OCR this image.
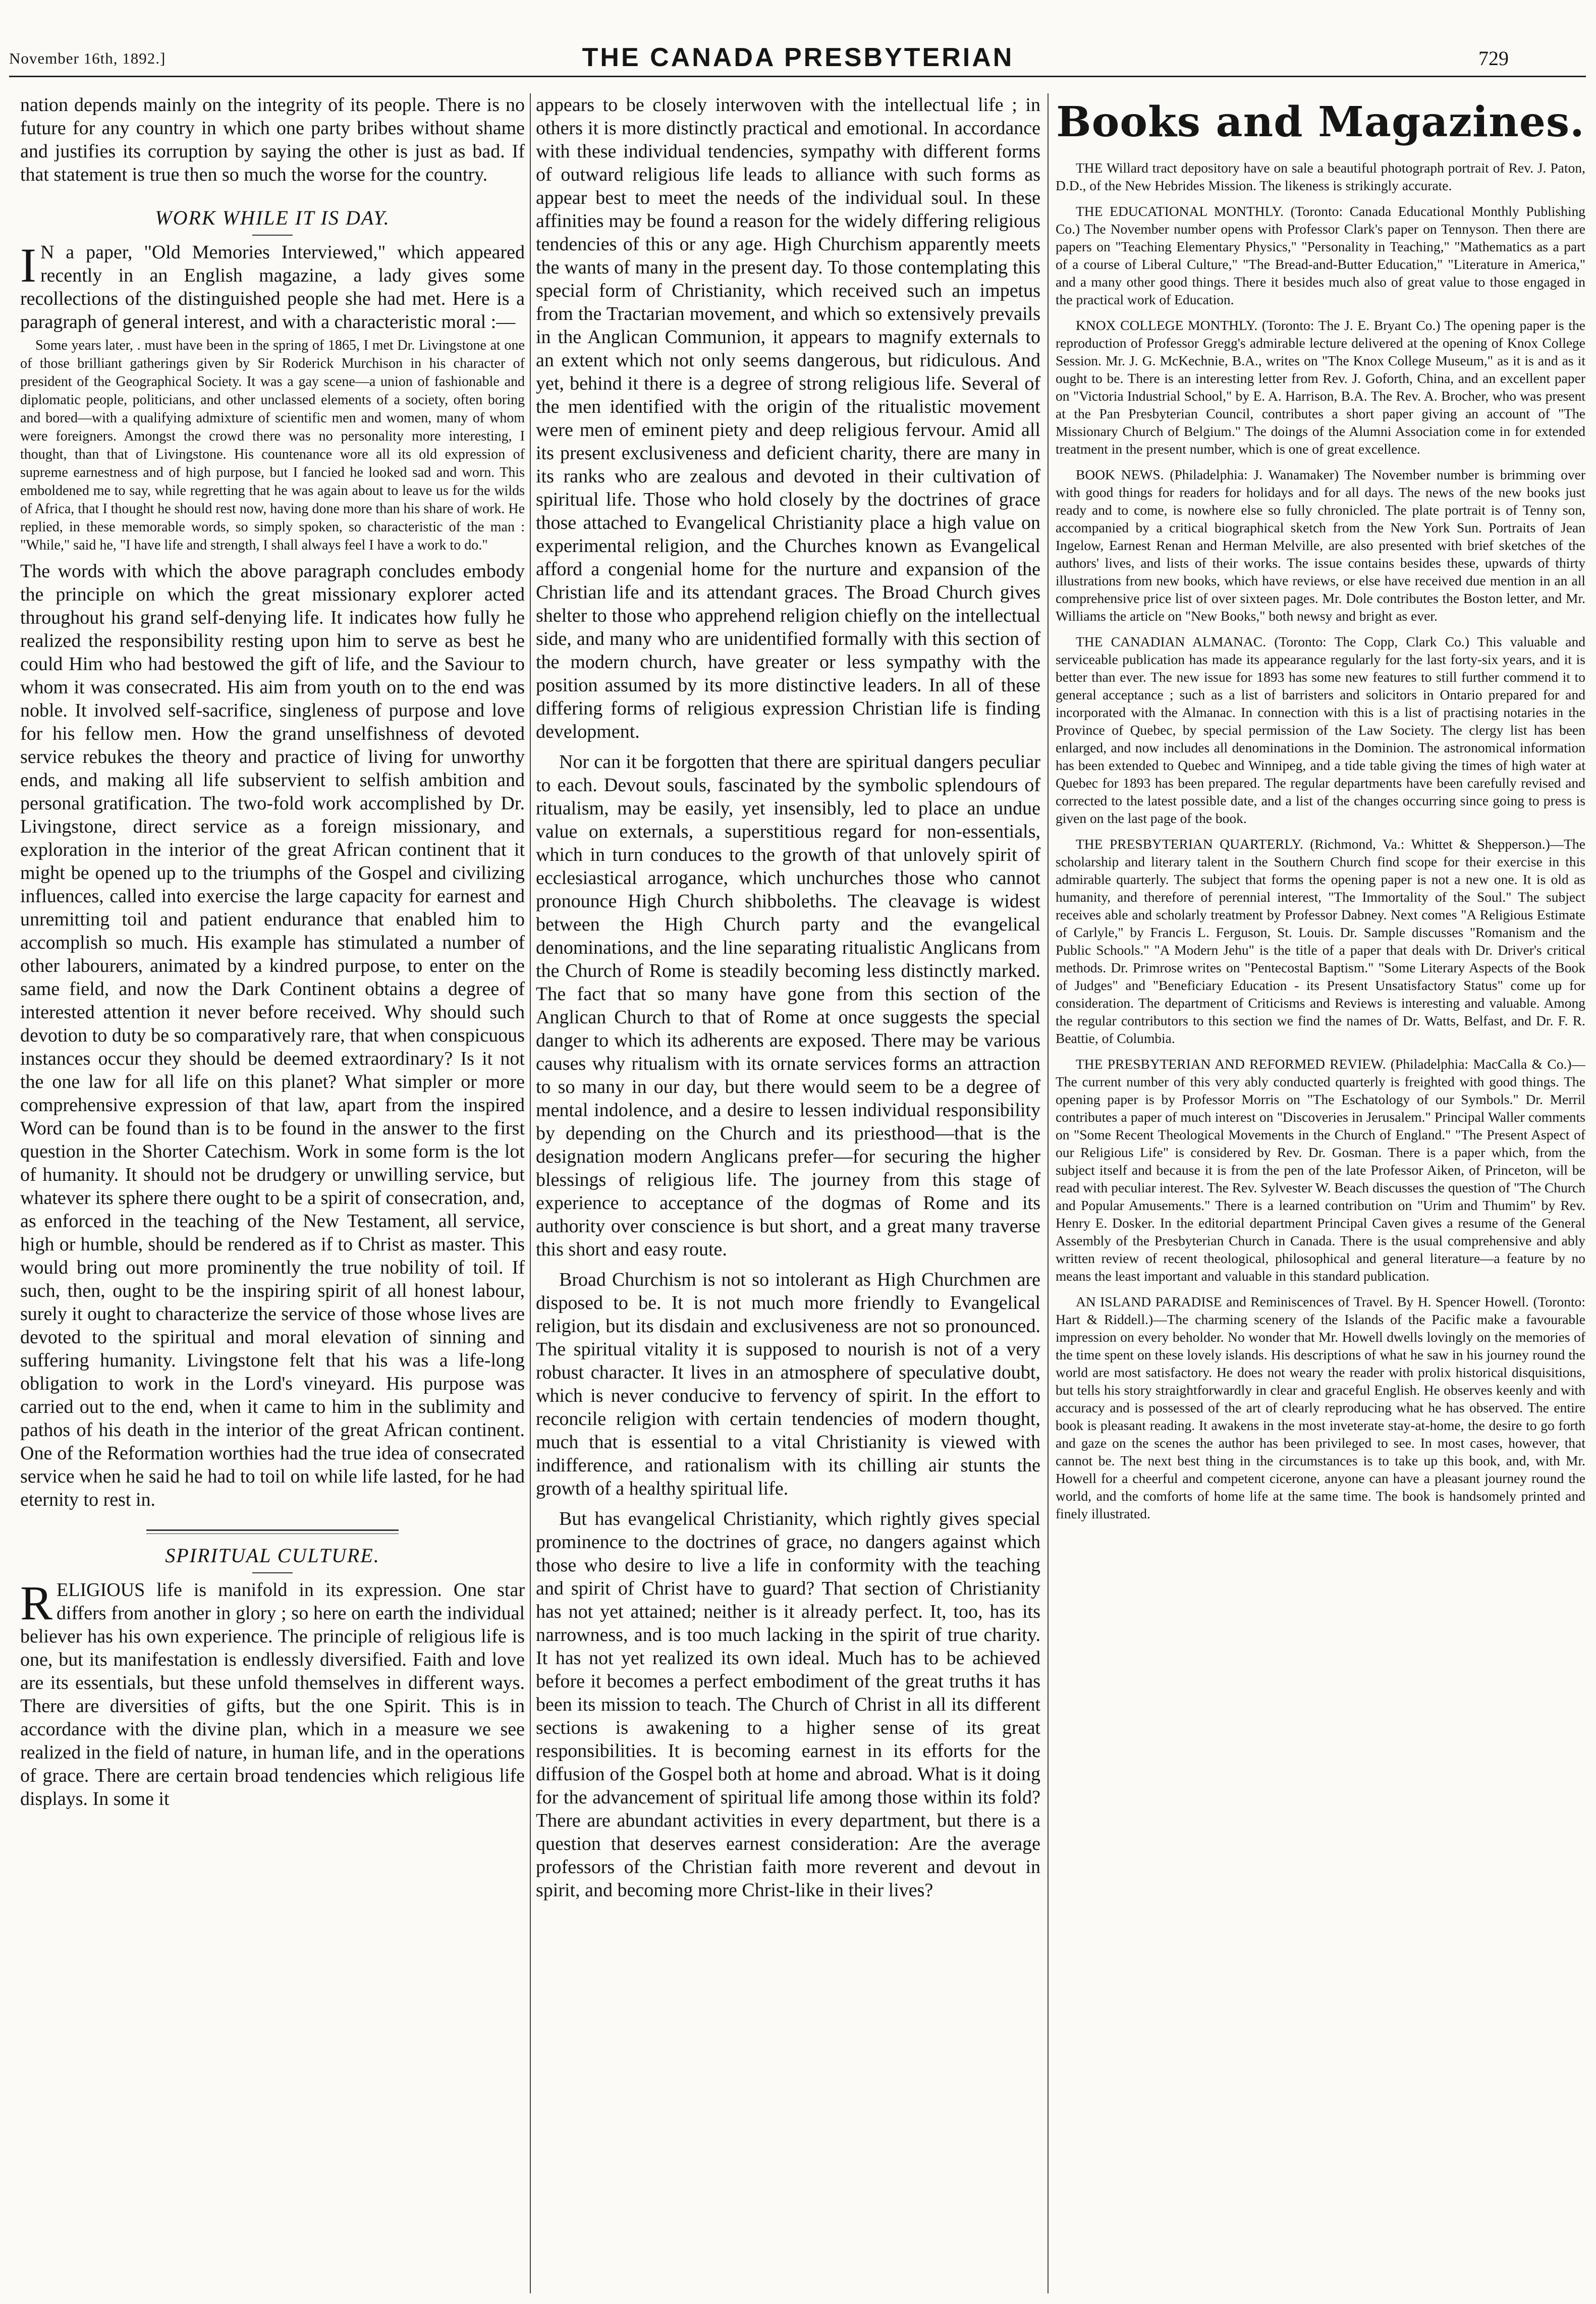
November 16th, 1892.]	THE CANADA PRESBYTERIAN	729

nation depends mainly on the integrity of its people. There is no future for any country in which one party bribes without shame and justifies its corruption by saying the other is just as bad. If that statement is true then so much the worse for the country.

WORK WHILE IT IS DAY.

I N a paper, "Old Memories Interviewed," which appeared recently in an English magazine, a lady gives some recollections of the distinguished people she had met. Here is a paragraph of general interest, and with a characteristic moral :—

Some years later, . must have been in the spring of 1865, I met Dr. Livingstone at one of those brilliant gatherings given by Sir Roderick Murchison in his character of president of the Geographical Society. It was a gay scene—a union of fashionable and diplomatic people, politicians, and other unclassed elements of a society, often boring and bored—with a qualifying admixture of scientific men and women, many of whom were foreigners. Amongst the crowd there was no personality more interesting, I thought, than that of Livingstone. His countenance wore all its old expression of supreme earnestness and of high purpose, but I fancied he looked sad and worn. This emboldened me to say, while regretting that he was again about to leave us for the wilds of Africa, that I thought he should rest now, having done more than his share of work. He replied, in these memorable words, so simply spoken, so characteristic of the man : "While," said he, "I have life and strength, I shall always feel I have a work to do."

The words with which the above paragraph concludes embody the principle on which the great missionary explorer acted throughout his grand self-denying life. It indicates how fully he realized the responsibility resting upon him to serve as best he could Him who had bestowed the gift of life, and the Saviour to whom it was consecrated. His aim from youth on to the end was noble. It involved self-sacrifice, singleness of purpose and love for his fellow men. How the grand unselfishness of devoted service rebukes the theory and practice of living for unworthy ends, and making all life subservient to selfish ambition and personal gratification. The two-fold work accomplished by Dr. Livingstone, direct service as a foreign missionary, and exploration in the interior of the great African continent that it might be opened up to the triumphs of the Gospel and civilizing influences, called into exercise the large capacity for earnest and unremitting toil and patient endurance that enabled him to accomplish so much. His example has stimulated a number of other labourers, animated by a kindred purpose, to enter on the same field, and now the Dark Continent obtains a degree of interested attention it never before received. Why should such devotion to duty be so comparatively rare, that when conspicuous instances occur they should be deemed extraordinary? Is it not the one law for all life on this planet? What simpler or more comprehensive expression of that law, apart from the inspired Word can be found than is to be found in the answer to the first question in the Shorter Catechism. Work in some form is the lot of humanity. It should not be drudgery or unwilling service, but whatever its sphere there ought to be a spirit of consecration, and, as enforced in the teaching of the New Testament, all service, high or humble, should be rendered as if to Christ as master. This would bring out more prominently the true nobility of toil. If such, then, ought to be the inspiring spirit of all honest labour, surely it ought to characterize the service of those whose lives are devoted to the spiritual and moral elevation of sinning and suffering humanity. Livingstone felt that his was a life-long obligation to work in the Lord's vineyard. His purpose was carried out to the end, when it came to him in the sublimity and pathos of his death in the interior of the great African continent. One of the Reformation worthies had the true idea of consecrated service when he said he had to toil on while life lasted, for he had eternity to rest in.

SPIRITUAL CULTURE.

RELIGIOUS life is manifold in its expression. One star differs from another in glory ; so here on earth the individual believer has his own experience. The principle of religious life is one, but its manifestation is endlessly diversified. Faith and love are its essentials, but these unfold themselves in different ways. There are diversities of gifts, but the one Spirit. This is in accordance with the divine plan, which in a measure we see realized in the field of nature, in human life, and in the operations of grace. There are certain broad tendencies which religious life displays. In some it

appears to be closely interwoven with the intellectual life ; in others it is more distinctly practical and emotional. In accordance with these individual tendencies, sympathy with different forms of outward religious life leads to alliance with such forms as appear best to meet the needs of the individual soul. In these affinities may be found a reason for the widely differing religious tendencies of this or any age. High Churchism apparently meets the wants of many in the present day. To those contemplating this special form of Christianity, which received such an impetus from the Tractarian movement, and which so extensively prevails in the Anglican Communion, it appears to magnify externals to an extent which not only seems dangerous, but ridiculous. And yet, behind it there is a degree of strong religious life. Several of the men identified with the origin of the ritualistic movement were men of eminent piety and deep religious fervour. Amid all its present exclusiveness and deficient charity, there are many in its ranks who are zealous and devoted in their cultivation of spiritual life. Those who hold closely by the doctrines of grace those attached to Evangelical Christianity place a high value on experimental religion, and the Churches known as Evangelical afford a congenial home for the nurture and expansion of the Christian life and its attendant graces. The Broad Church gives shelter to those who apprehend religion chiefly on the intellectual side, and many who are unidentified formally with this section of the modern church, have greater or less sympathy with the position assumed by its more distinctive leaders. In all of these differing forms of religious expression Christian life is finding development.

Nor can it be forgotten that there are spiritual dangers peculiar to each. Devout souls, fascinated by the symbolic splendours of ritualism, may be easily, yet insensibly, led to place an undue value on externals, a superstitious regard for non-essentials, which in turn conduces to the growth of that unlovely spirit of ecclesiastical arrogance, which unchurches those who cannot pronounce High Church shibboleths. The cleavage is widest between the High Church party and the evangelical denominations, and the line separating ritualistic Anglicans from the Church of Rome is steadily becoming less distinctly marked. The fact that so many have gone from this section of the Anglican Church to that of Rome at once suggests the special danger to which its adherents are exposed. There may be various causes why ritualism with its ornate services forms an attraction to so many in our day, but there would seem to be a degree of mental indolence, and a desire to lessen individual responsibility by depending on the Church and its priesthood—that is the designation modern Anglicans prefer—for securing the higher blessings of religious life. The journey from this stage of experience to acceptance of the dogmas of Rome and its authority over conscience is but short, and a great many traverse this short and easy route.

Broad Churchism is not so intolerant as High Churchmen are disposed to be. It is not much more friendly to Evangelical religion, but its disdain and exclusiveness are not so pronounced. The spiritual vitality it is supposed to nourish is not of a very robust character. It lives in an atmosphere of speculative doubt, which is never conducive to fervency of spirit. In the effort to reconcile religion with certain tendencies of modern thought, much that is essential to a vital Christianity is viewed with indifference, and rationalism with its chilling air stunts the growth of a healthy spiritual life.

But has evangelical Christianity, which rightly gives special prominence to the doctrines of grace, no dangers against which those who desire to live a life in conformity with the teaching and spirit of Christ have to guard? That section of Christianity has not yet attained; neither is it already perfect. It, too, has its narrowness, and is too much lacking in the spirit of true charity. It has not yet realized its own ideal. Much has to be achieved before it becomes a perfect embodiment of the great truths it has been its mission to teach. The Church of Christ in all its different sections is awakening to a higher sense of its great responsibilities. It is becoming earnest in its efforts for the diffusion of the Gospel both at home and abroad. What is it doing for the advancement of spiritual life among those within its fold? There are abundant activities in every department, but there is a question that deserves earnest consideration: Are the average professors of the Christian faith more reverent and devout in spirit, and becoming more Christ-like in their lives?

Books and Magazines.

THE Willard tract depository have on sale a beautiful photograph portrait of Rev. J. Paton, D.D., of the New Hebrides Mission. The likeness is strikingly accurate.

THE EDUCATIONAL MONTHLY. (Toronto: Canada Educational Monthly Publishing Co.) The November number opens with Professor Clark's paper on Tennyson. Then there are papers on "Teaching Elementary Physics," "Personality in Teaching," "Mathematics as a part of a course of Liberal Culture," "The Bread-and-Butter Education," "Literature in America," and a many other good things. There it besides much also of great value to those engaged in the practical work of Education.

KNOX COLLEGE MONTHLY. (Toronto: The J. E. Bryant Co.) The opening paper is the reproduction of Professor Gregg's admirable lecture delivered at the opening of Knox College Session. Mr. J. G. McKechnie, B.A., writes on "The Knox College Museum," as it is and as it ought to be. There is an interesting letter from Rev. J. Goforth, China, and an excellent paper on "Victoria Industrial School," by E. A. Harrison, B.A. The Rev. A. Brocher, who was present at the Pan Presbyterian Council, contributes a short paper giving an account of "The Missionary Church of Belgium." The doings of the Alumni Association come in for extended treatment in the present number, which is one of great excellence.

BOOK NEWS. (Philadelphia: J. Wanamaker) The November number is brimming over with good things for readers for holidays and for all days. The news of the new books just ready and to come, is nowhere else so fully chronicled. The plate portrait is of Tenny son, accompanied by a critical biographical sketch from the New York Sun. Portraits of Jean Ingelow, Earnest Renan and Herman Melville, are also presented with brief sketches of the authors' lives, and lists of their works. The issue contains besides these, upwards of thirty illustrations from new books, which have reviews, or else have received due mention in an all comprehensive price list of over sixteen pages. Mr. Dole contributes the Boston letter, and Mr. Williams the article on "New Books," both newsy and bright as ever.

THE CANADIAN ALMANAC. (Toronto: The Copp, Clark Co.) This valuable and serviceable publication has made its appearance regularly for the last forty-six years, and it is better than ever. The new issue for 1893 has some new features to still further commend it to general acceptance ; such as a list of barristers and solicitors in Ontario prepared for and incorporated with the Almanac. In connection with this is a list of practising notaries in the Province of Quebec, by special permission of the Law Society. The clergy list has been enlarged, and now includes all denominations in the Dominion. The astronomical information has been extended to Quebec and Winnipeg, and a tide table giving the times of high water at Quebec for 1893 has been prepared. The regular departments have been carefully revised and corrected to the latest possible date, and a list of the changes occurring since going to press is given on the last page of the book.

THE PRESBYTERIAN QUARTERLY. (Richmond, Va.: Whittet & Shepperson.)—The scholarship and literary talent in the Southern Church find scope for their exercise in this admirable quarterly. The subject that forms the opening paper is not a new one. It is old as humanity, and therefore of perennial interest, "The Immortality of the Soul." The subject receives able and scholarly treatment by Professor Dabney. Next comes "A Religious Estimate of Carlyle," by Francis L. Ferguson, St. Louis. Dr. Sample discusses "Romanism and the Public Schools." "A Modern Jehu" is the title of a paper that deals with Dr. Driver's critical methods. Dr. Primrose writes on "Pentecostal Baptism." "Some Literary Aspects of the Book of Judges" and "Beneficiary Education - its Present Unsatisfactory Status" come up for consideration. The department of Criticisms and Reviews is interesting and valuable. Among the regular contributors to this section we find the names of Dr. Watts, Belfast, and Dr. F. R. Beattie, of Columbia.

THE PRESBYTERIAN AND REFORMED REVIEW. (Philadelphia: MacCalla & Co.)—The current number of this very ably conducted quarterly is freighted with good things. The opening paper is by Professor Morris on "The Eschatology of our Symbols." Dr. Merril contributes a paper of much interest on "Discoveries in Jerusalem." Principal Waller comments on "Some Recent Theological Movements in the Church of England." "The Present Aspect of our Religious Life" is considered by Rev. Dr. Gosman. There is a paper which, from the subject itself and because it is from the pen of the late Professor Aiken, of Princeton, will be read with peculiar interest. The Rev. Sylvester W. Beach discusses the question of "The Church and Popular Amusements." There is a learned contribution on "Urim and Thumim" by Rev. Henry E. Dosker. In the editorial department Principal Caven gives a resume of the General Assembly of the Presbyterian Church in Canada. There is the usual comprehensive and ably written review of recent theological, philosophical and general literature—a feature by no means the least important and valuable in this standard publication.

AN ISLAND PARADISE and Reminiscences of Travel. By H. Spencer Howell. (Toronto: Hart & Riddell.)—The charming scenery of the Islands of the Pacific make a favourable impression on every beholder. No wonder that Mr. Howell dwells lovingly on the memories of the time spent on these lovely islands. His descriptions of what he saw in his journey round the world are most satisfactory. He does not weary the reader with prolix historical disquisitions, but tells his story straightforwardly in clear and graceful English. He observes keenly and with accuracy and is possessed of the art of clearly reproducing what he has observed. The entire book is pleasant reading. It awakens in the most inveterate stay-at-home, the desire to go forth and gaze on the scenes the author has been privileged to see. In most cases, however, that cannot be. The next best thing in the circumstances is to take up this book, and, with Mr. Howell for a cheerful and competent cicerone, anyone can have a pleasant journey round the world, and the comforts of home life at the same time. The book is handsomely printed and finely illustrated.
